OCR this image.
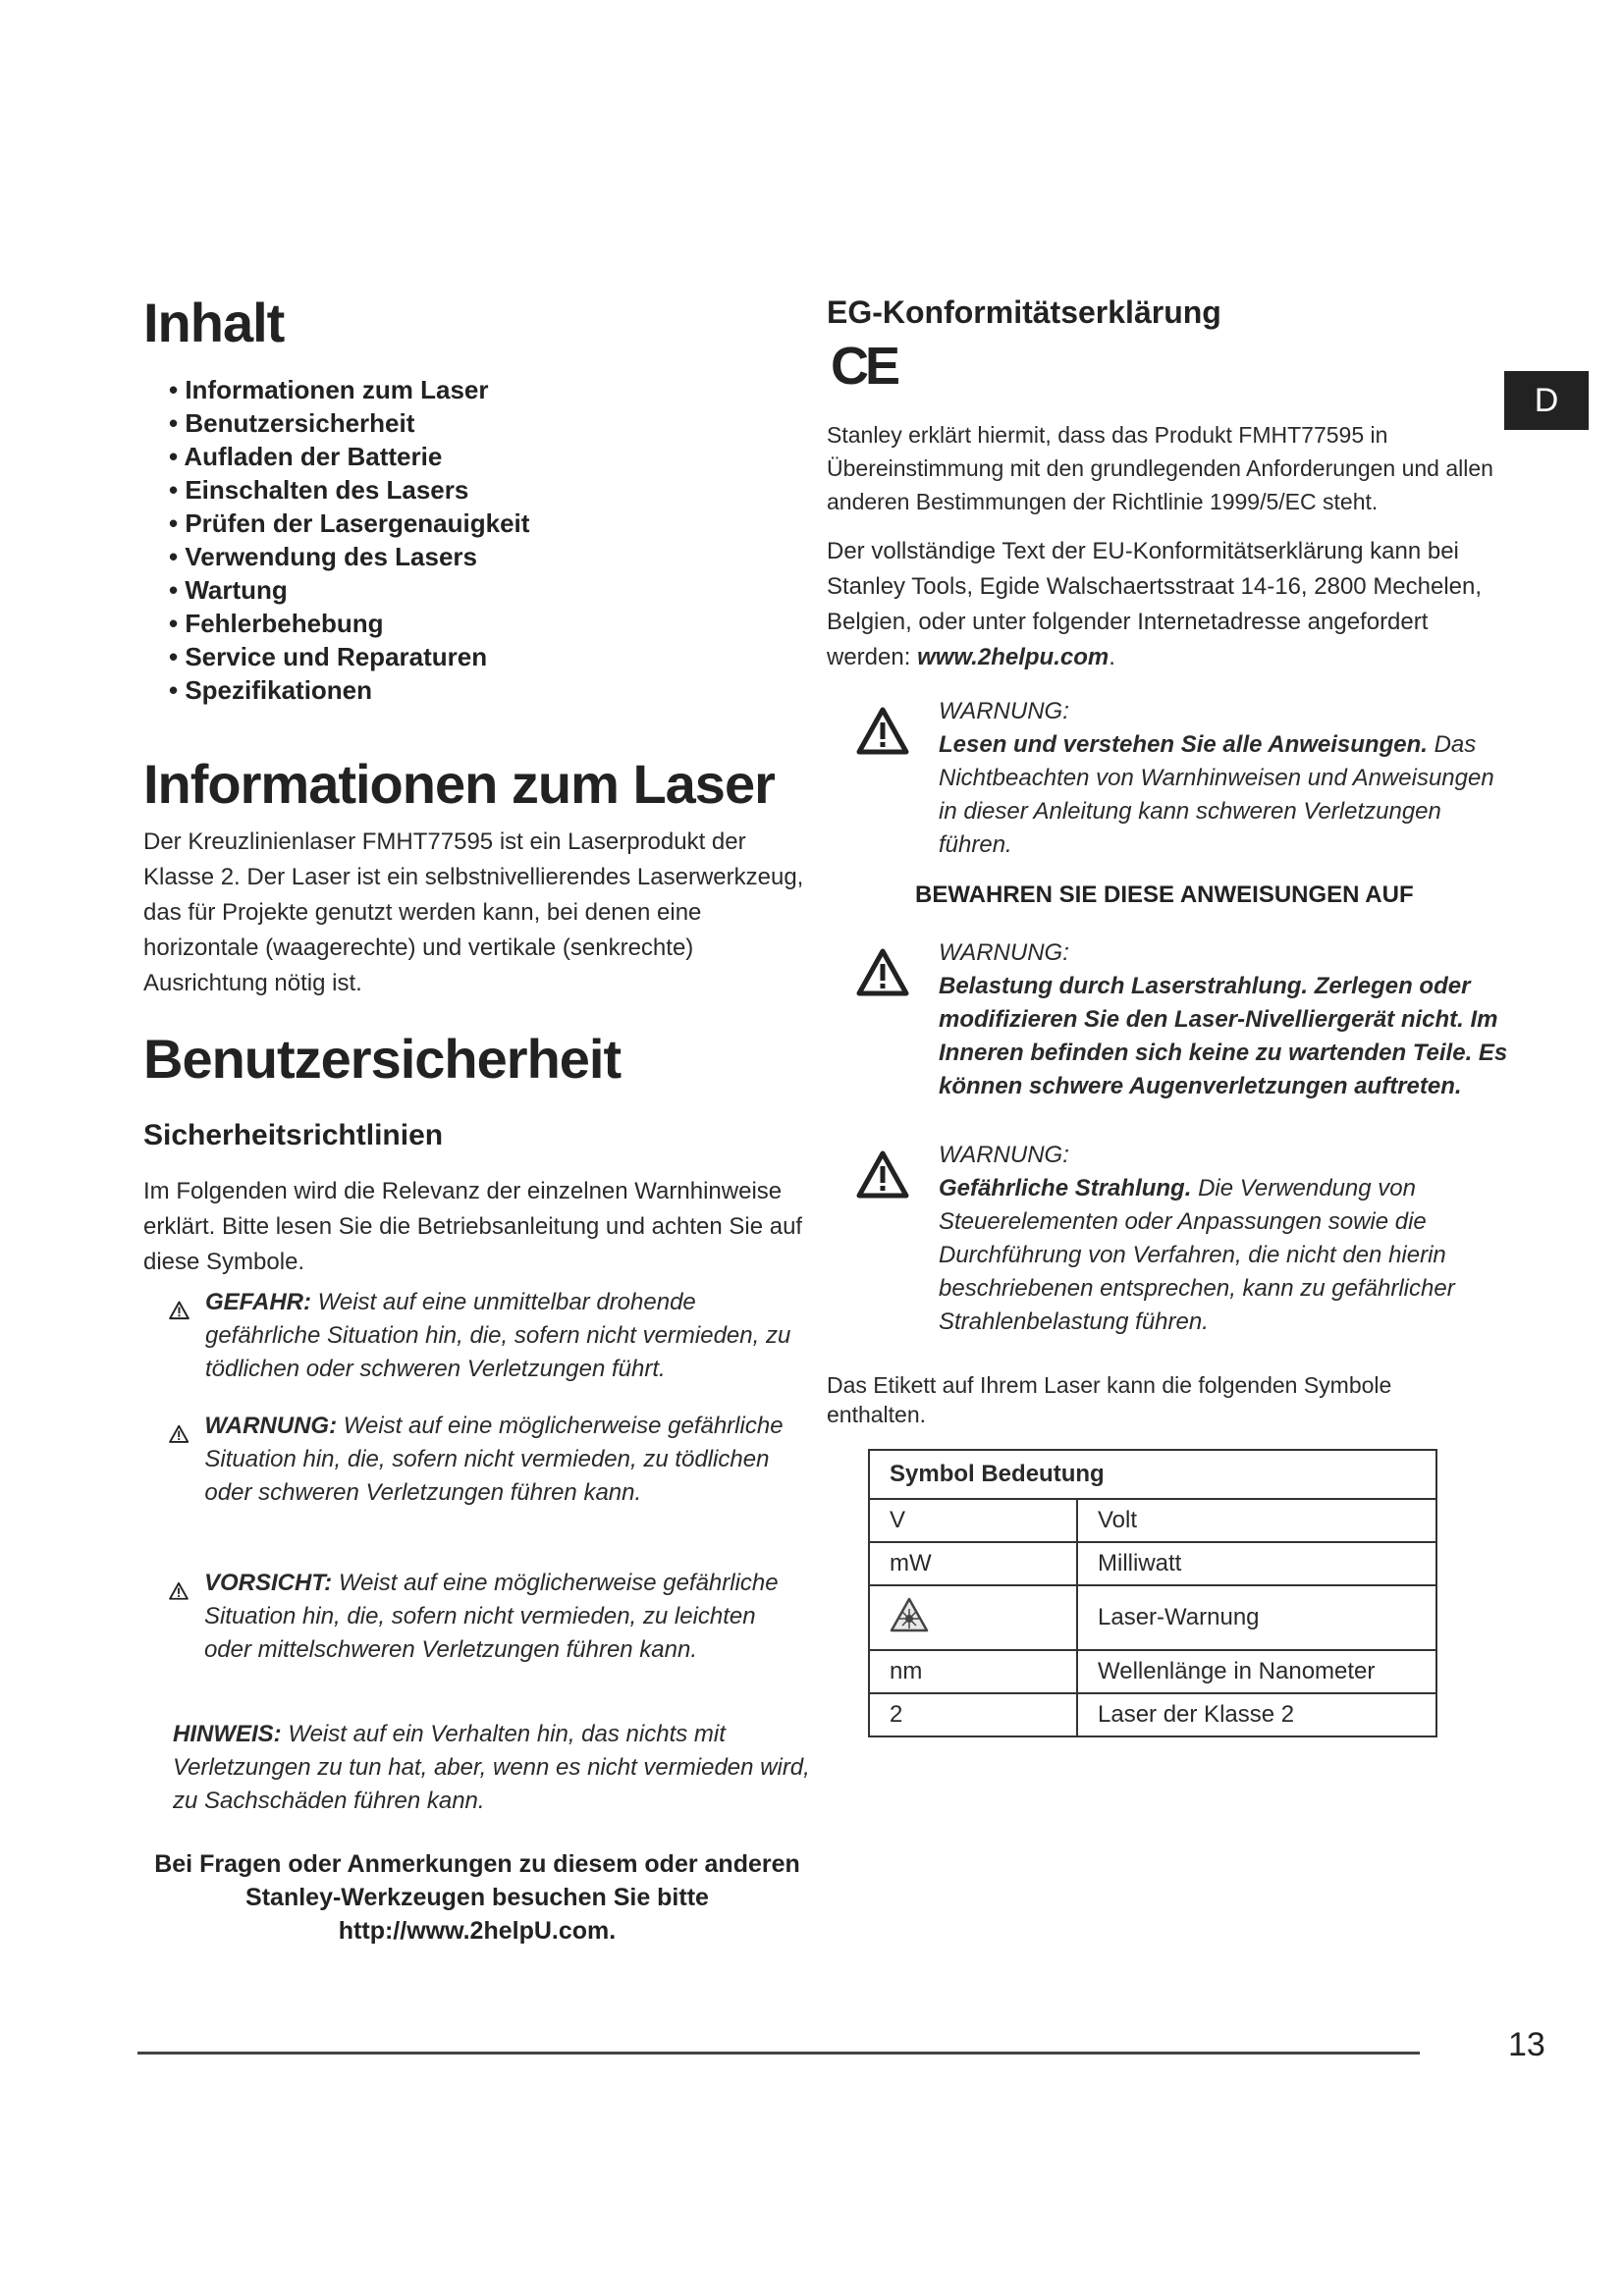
D
Inhalt
• Informationen zum Laser
• Benutzersicherheit
• Aufladen der Batterie
• Einschalten des Lasers
• Prüfen der Lasergenauigkeit
• Verwendung des Lasers
• Wartung
• Fehlerbehebung
• Service und Reparaturen
• Spezifikationen
Informationen zum Laser
Der Kreuzlinienlaser FMHT77595 ist ein Laserprodukt der Klasse 2. Der Laser ist ein selbstnivellierendes Laserwerkzeug, das für Projekte genutzt werden kann, bei denen eine horizontale (waagerechte) und vertikale (senkrechte) Ausrichtung nötig ist.
Benutzersicherheit
Sicherheitsrichtlinien
Im Folgenden wird die Relevanz der einzelnen Warnhinweise erklärt. Bitte lesen Sie die Betriebsanleitung und achten Sie auf diese Symbole.
GEFAHR: Weist auf eine unmittelbar drohende gefährliche Situation hin, die, sofern nicht vermieden, zu tödlichen oder schweren Verletzungen führt.
WARNUNG: Weist auf eine möglicherweise gefährliche Situation hin, die, sofern nicht vermieden, zu tödlichen oder schweren Verletzungen führen kann.
VORSICHT: Weist auf eine möglicherweise gefährliche Situation hin, die, sofern nicht vermieden, zu leichten oder mittelschweren Verletzungen führen kann.
HINWEIS: Weist auf ein Verhalten hin, das nichts mit Verletzungen zu tun hat, aber, wenn es nicht vermieden wird, zu Sachschäden führen kann.
Bei Fragen oder Anmerkungen zu diesem oder anderen
Stanley-Werkzeugen besuchen Sie bitte
http://www.2helpU.com.
EG-Konformitätserklärung
CE
Stanley erklärt hiermit, dass das Produkt FMHT77595 in Übereinstimmung mit den grundlegenden Anforderungen und allen anderen Bestimmungen der Richtlinie 1999/5/EC steht.
Der vollständige Text der EU-Konformitätserklärung kann bei Stanley Tools, Egide Walschaertsstraat 14-16, 2800 Mechelen, Belgien, oder unter folgender Internetadresse angefordert werden: www.2helpu.com.
WARNUNG:
Lesen und verstehen Sie alle Anweisungen. Das Nichtbeachten von Warnhinweisen und Anweisungen in dieser Anleitung kann schweren Verletzungen führen.
BEWAHREN SIE DIESE ANWEISUNGEN AUF
WARNUNG:
Belastung durch Laserstrahlung. Zerlegen oder modifizieren Sie den Laser-Nivelliergerät nicht. Im Inneren befinden sich keine zu wartenden Teile. Es können schwere Augenverletzungen auftreten.
WARNUNG:
Gefährliche Strahlung. Die Verwendung von Steuerelementen oder Anpassungen sowie die Durchführung von Verfahren, die nicht den hierin beschriebenen entsprechen, kann zu gefährlicher Strahlenbelastung führen.
Das Etikett auf Ihrem Laser kann die folgenden Symbole enthalten.
Symbol Bedeutung	
V	Volt
mW	Milliwatt
	Laser-Warnung
nm	Wellenlänge in Nanometer
2	Laser der Klasse 2
13
